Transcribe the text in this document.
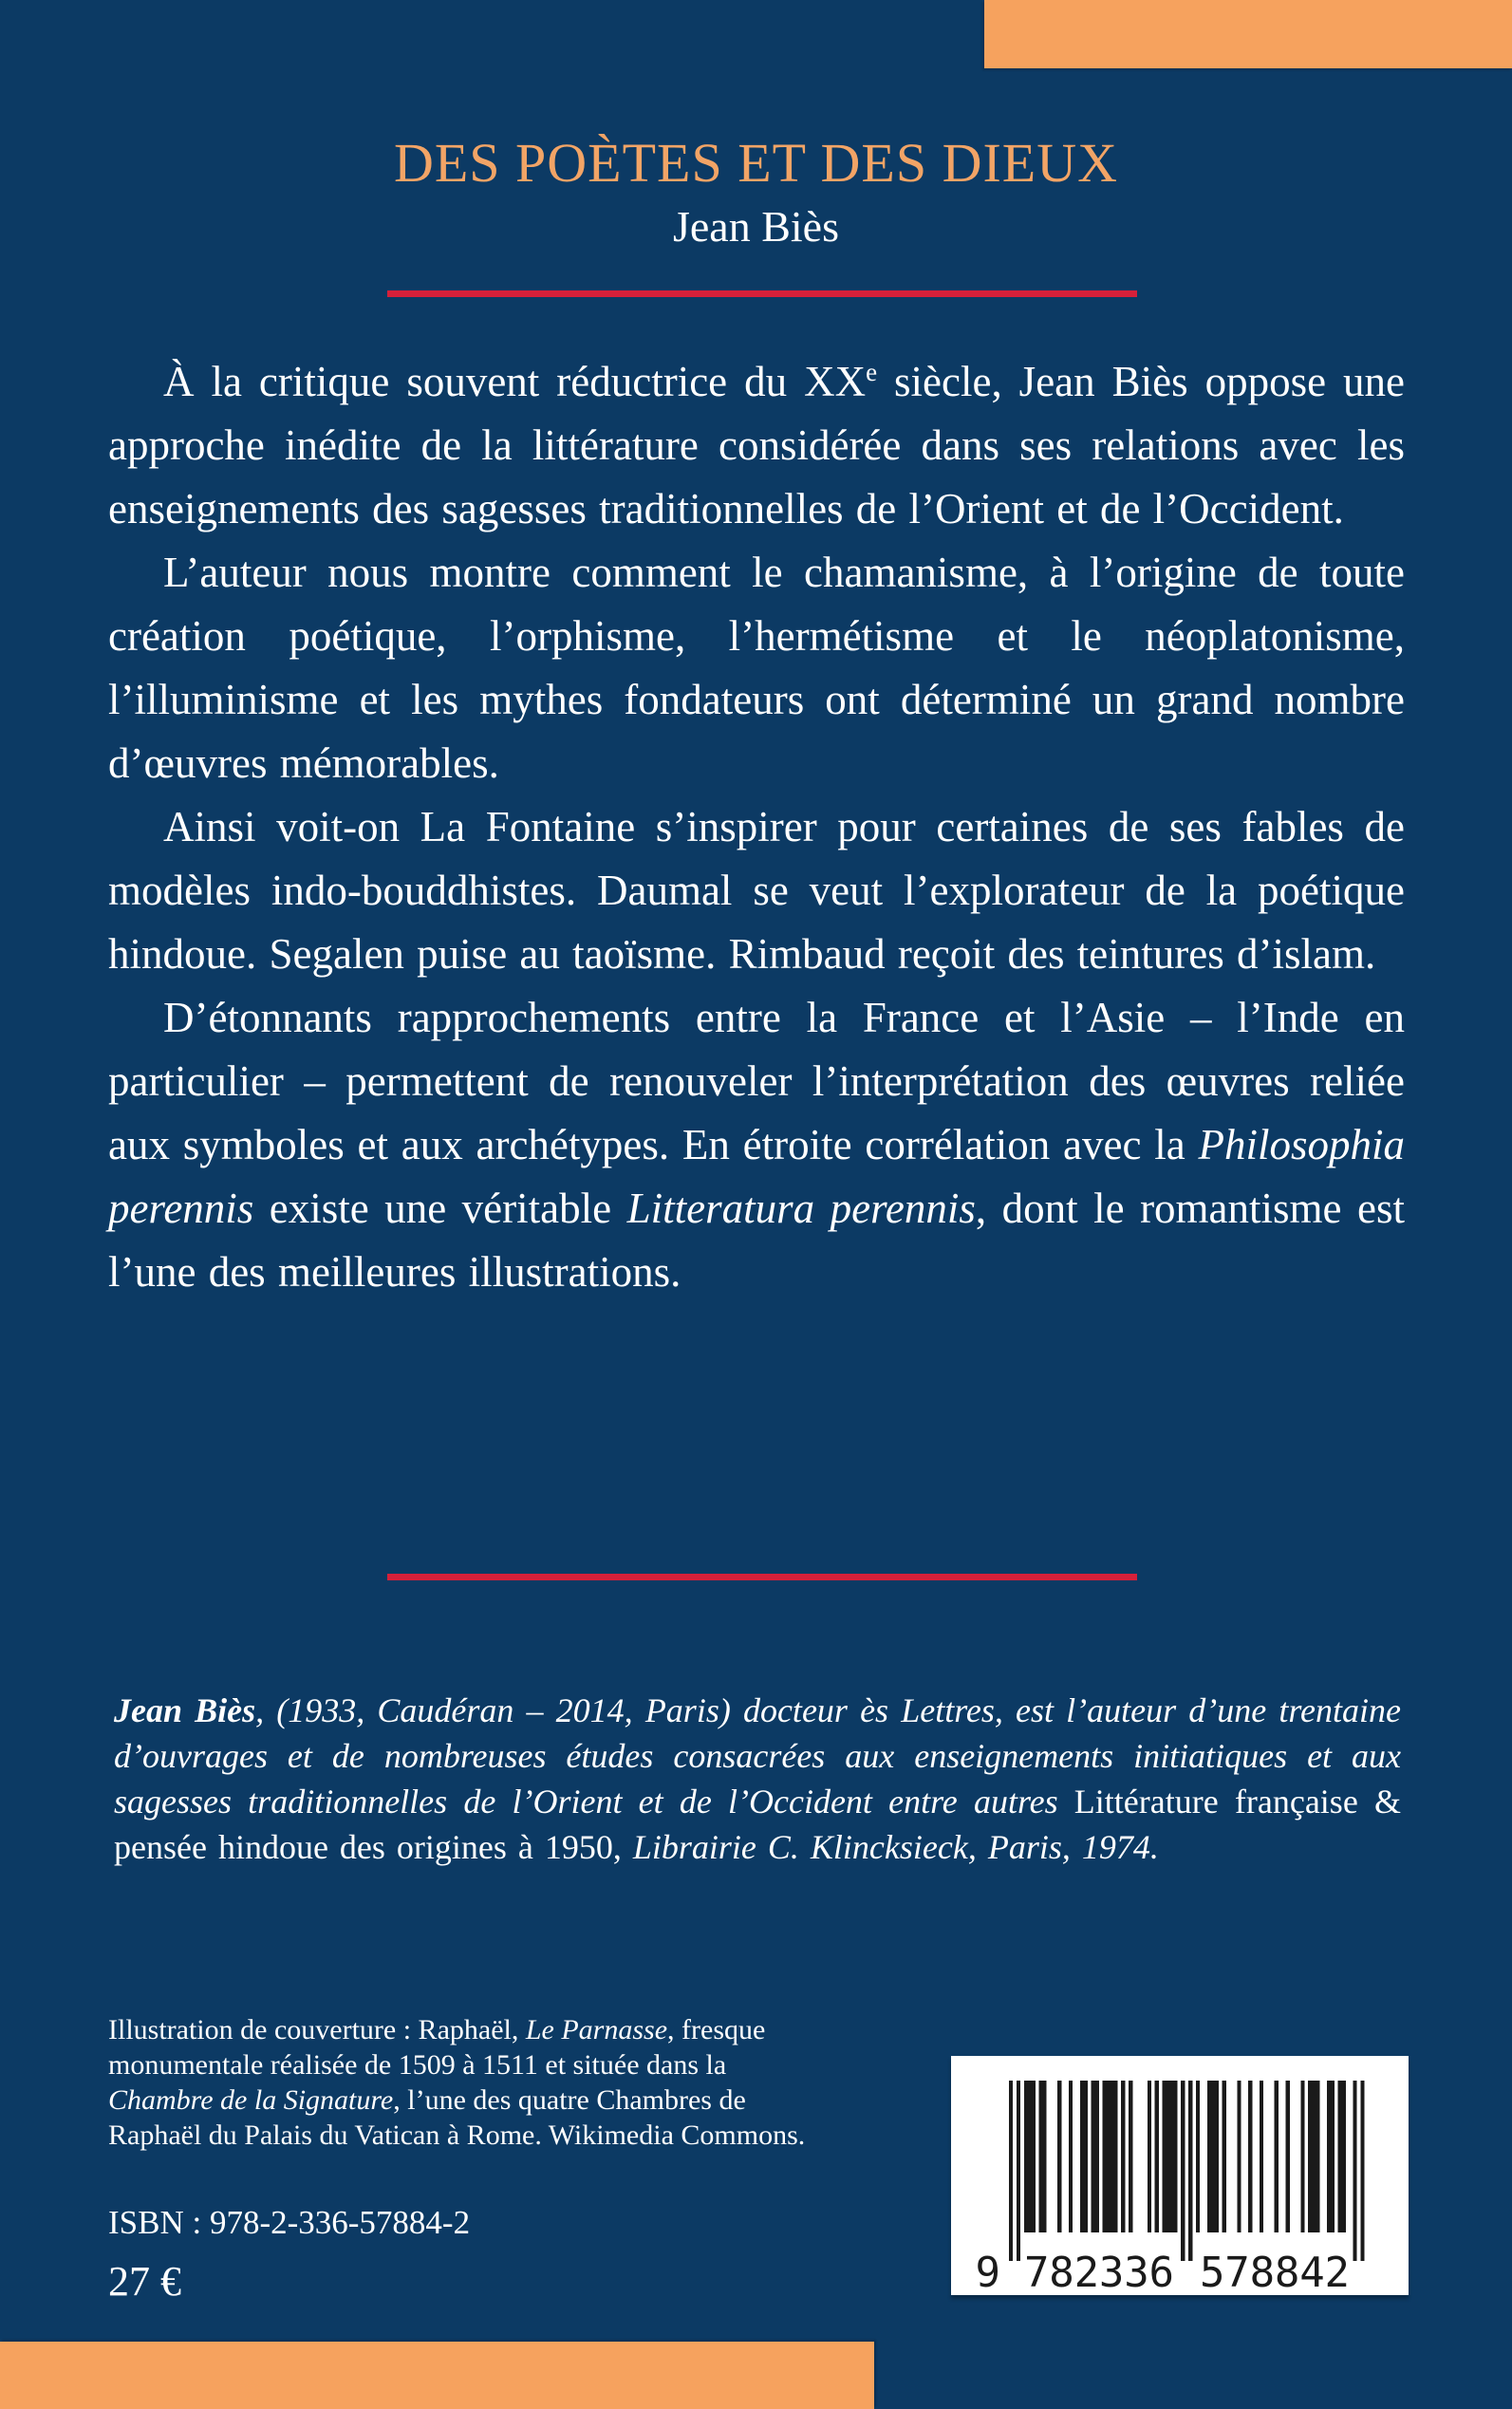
DES POÈTES ET DES DIEUX
Jean Biès

À la critique souvent réductrice du XXe siècle, Jean Biès oppose une approche inédite de la littérature considérée dans ses relations avec les enseignements des sagesses traditionnelles de l’Orient et de l’Occident.

L’auteur nous montre comment le chamanisme, à l’origine de toute création poétique, l’orphisme, l’hermétisme et le néoplatonisme, l’illuminisme et les mythes fondateurs ont déterminé un grand nombre d’œuvres mémorables.

Ainsi voit-on La Fontaine s’inspirer pour certaines de ses fables de modèles indo-bouddhistes. Daumal se veut l’explorateur de la poétique hindoue. Segalen puise au taoïsme. Rimbaud reçoit des teintures d’islam.

D’étonnants rapprochements entre la France et l’Asie – l’Inde en particulier – permettent de renouveler l’interprétation des œuvres reliée aux symboles et aux archétypes. En étroite corrélation avec la Philosophia perennis existe une véritable Litteratura perennis, dont le romantisme est l’une des meilleures illustrations.

Jean Biès, (1933, Caudéran – 2014, Paris) docteur ès Lettres, est l’auteur d’une trentaine d’ouvrages et de nombreuses études consacrées aux enseignements initiatiques et aux sagesses traditionnelles de l’Orient et de l’Occident entre autres Littérature française & pensée hindoue des origines à 1950, Librairie C. Klincksieck, Paris, 1974.
Illustration de couverture : Raphaël, Le Parnasse, fresque monumentale réalisée de 1509 à 1511 et située dans la Chambre de la Signature, l’une des quatre Chambres de Raphaël du Palais du Vatican à Rome. Wikimedia Commons.
ISBN : 978-2-336-57884-2
27 €	9 782336 578842
